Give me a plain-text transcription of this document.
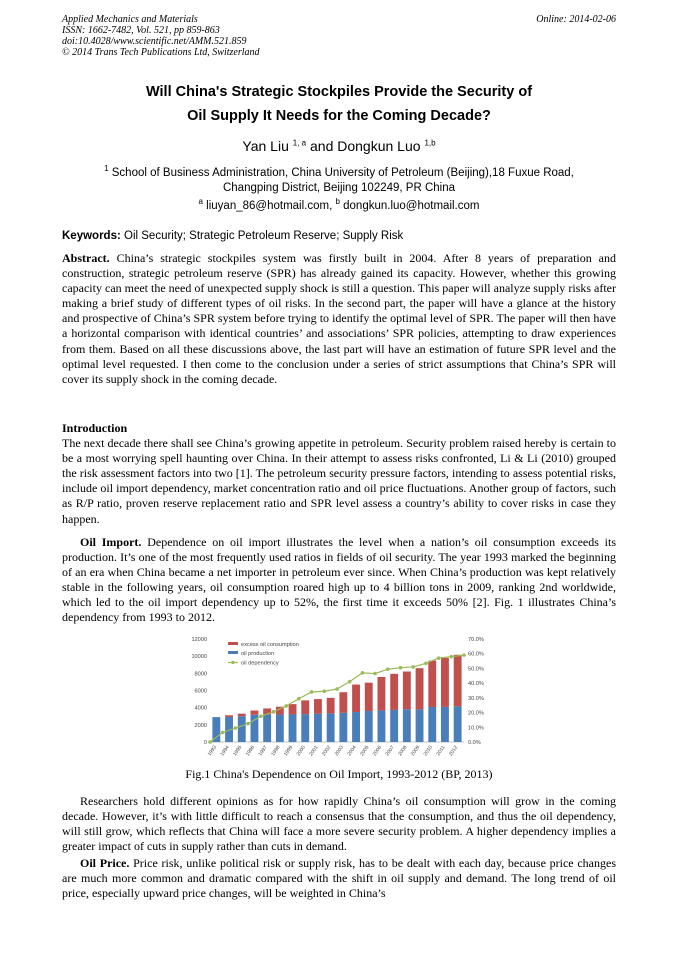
Applied Mechanics and Materials
ISSN: 1662-7482, Vol. 521, pp 859-863
doi:10.4028/www.scientific.net/AMM.521.859
© 2014 Trans Tech Publications Ltd, Switzerland
Online: 2014-02-06
Will China's Strategic Stockpiles Provide the Security of
Oil Supply It Needs for the Coming Decade?
Yan Liu $^{1, a}$ and Dongkun Luo $^{1,b}$
$^1$ School of Business Administration, China University of Petroleum (Beijing),18 Fuxue Road,
Changping District, Beijing 102249, PR China
$^a$ liuyan_86@hotmail.com, $^b$ dongkun.luo@hotmail.com
Keywords: Oil Security; Strategic Petroleum Reserve; Supply Risk
Abstract. China’s strategic stockpiles system was firstly built in 2004. After 8 years of preparation and construction, strategic petroleum reserve (SPR) has already gained its capacity. However, whether this growing capacity can meet the need of unexpected supply shock is still a question. This paper will analyze supply risks after making a brief study of different types of oil risks. In the second part, the paper will have a glance at the history and prospective of China’s SPR system before trying to identify the optimal level of SPR. The paper will then have a horizontal comparison with identical countries’ and associations’ SPR policies, attempting to draw experiences from them. Based on all these discussions above, the last part will have an estimation of future SPR level and the optimal level requested. I then come to the conclusion under a series of strict assumptions that China’s SPR will cover its supply shock in the coming decade.
Introduction
The next decade there shall see China’s growing appetite in petroleum. Security problem raised hereby is certain to be a most worrying spell haunting over China. In their attempt to assess risks confronted, Li & Li (2010) grouped the risk assessment factors into two [1]. The petroleum security pressure factors, intending to assess potential risks, include oil import dependency, market concentration ratio and oil price fluctuations. Another group of factors, such as R/P ratio, proven reserve replacement ratio and SPR level assess a country’s ability to cover risks in case they happen.
Oil Import. Dependence on oil import illustrates the level when a nation’s oil consumption exceeds its production. It’s one of the most frequently used ratios in fields of oil security. The year 1993 marked the beginning of an era when China became a net importer in petroleum ever since. When China’s production was kept relatively stable in the following years, oil consumption roared high up to 4 billion tons in 2009, ranking 2nd worldwide, which led to the oil import dependency up to 52%, the first time it exceeds 50% [2]. Fig. 1 illustrates China’s dependency from 1993 to 2012.
0
2000
4000
6000
8000
10000
12000
0.0%
10.0%
20.0%
30.0%
40.0%
50.0%
60.0%
70.0%
1993 1994 1995 1996 1997 1998 1999 2000 2001 2002 2003 2004 2005 2006 2007 2008 2009 2010 2011 2012
excess oil consumption
oil production
oil dependency
Fig.1 China's Dependence on Oil Import, 1993-2012 (BP, 2013)
Researchers hold different opinions as for how rapidly China’s oil consumption will grow in the coming decade. However, it’s with little difficult to reach a consensus that the consumption, and thus the oil dependency, will still grow, which reflects that China will face a more severe security problem. A higher dependency implies a greater impact of cuts in supply rather than cuts in demand.
Oil Price. Price risk, unlike political risk or supply risk, has to be dealt with each day, because price changes are much more common and dramatic compared with the shift in oil supply and demand. The long trend of oil price, especially upward price changes, will be weighted in China’s
